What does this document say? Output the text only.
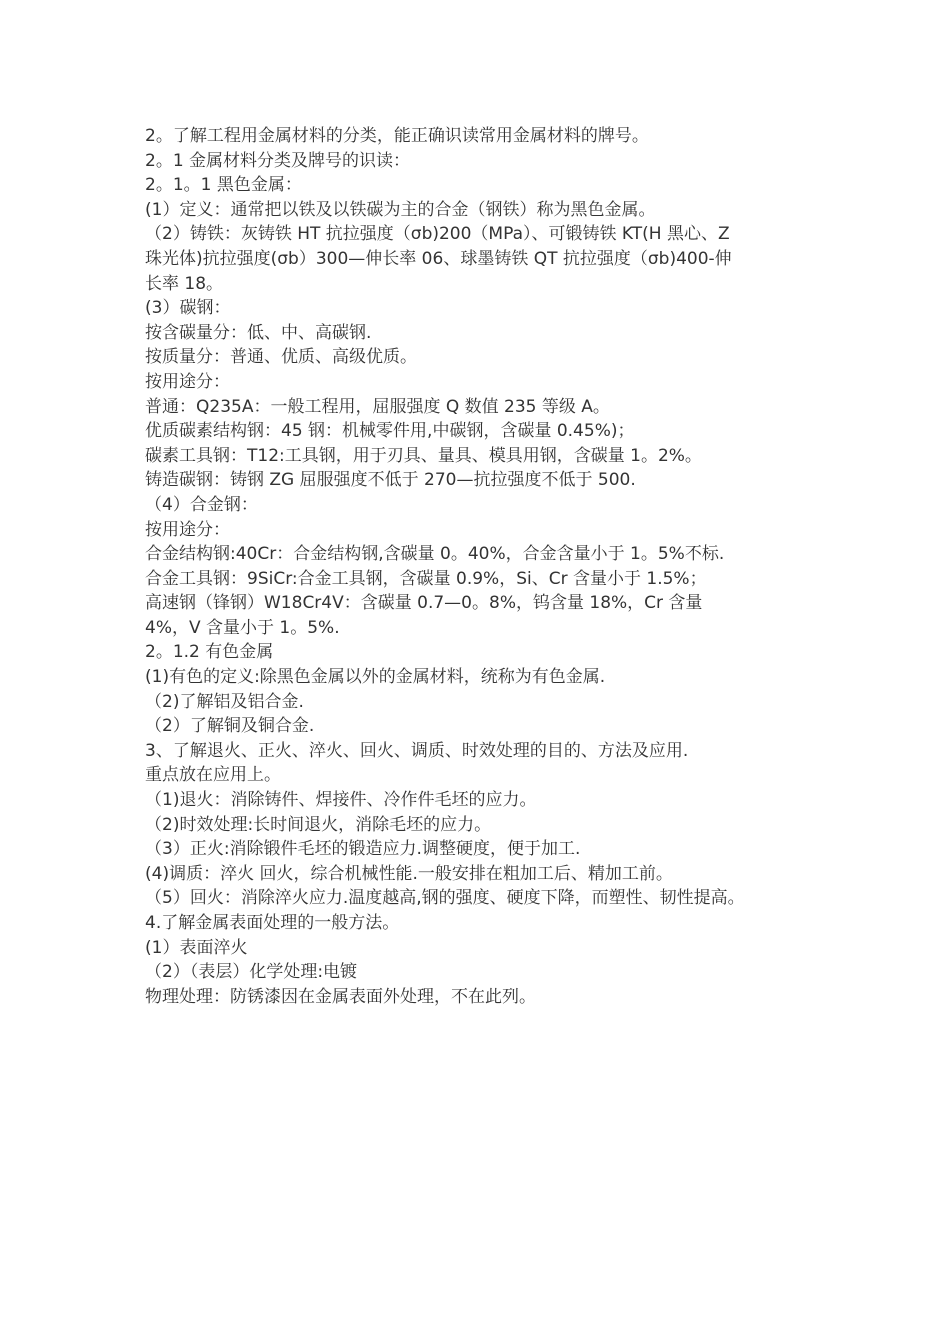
2。了解工程用金属材料的分类，能正确识读常用金属材料的牌号。

2。1 金属材料分类及牌号的识读：

2。1。1 黑色金属：

(1）定义：通常把以铁及以铁碳为主的合金（钢铁）称为黑色金属。

（2）铸铁：灰铸铁 HT 抗拉强度（σb)200（MPa）、可锻铸铁 KT(H 黑心、Z

珠光体)抗拉强度(σb）300—伸长率 06、球墨铸铁 QT 抗拉强度（σb)400-伸

长率 18。

(3）碳钢：

按含碳量分：低、中、高碳钢.

按质量分：普通、优质、高级优质。

按用途分：

普通：Q235A：一般工程用，屈服强度 Q 数值 235 等级 A。

优质碳素结构钢：45 钢：机械零件用,中碳钢，含碳量 0.45%)；

碳素工具钢：T12:工具钢，用于刃具、量具、模具用钢，含碳量 1。2%。

铸造碳钢：铸钢 ZG 屈服强度不低于 270—抗拉强度不低于 500.

（4）合金钢：

按用途分：

合金结构钢:40Cr：合金结构钢,含碳量 0。40%，合金含量小于 1。5%不标.

合金工具钢：9SiCr:合金工具钢，含碳量 0.9%，Si、Cr 含量小于 1.5%；

高速钢（锋钢）W18Cr4V：含碳量 0.7—0。8%，钨含量 18%，Cr 含量

4%，V 含量小于 1。5%.

2。1.2 有色金属

(1)有色的定义:除黑色金属以外的金属材料，统称为有色金属.

（2)了解铝及铝合金.

（2）了解铜及铜合金.

3、了解退火、正火、淬火、回火、调质、时效处理的目的、方法及应用.

重点放在应用上。

（1)退火：消除铸件、焊接件、冷作件毛坯的应力。

（2)时效处理:长时间退火，消除毛坯的应力。

（3）正火:消除锻件毛坯的锻造应力.调整硬度，便于加工.

(4)调质：淬火 回火，综合机械性能.一般安排在粗加工后、精加工前。

（5）回火：消除淬火应力.温度越高,钢的强度、硬度下降，而塑性、韧性提高。

4.了解金属表面处理的一般方法。

(1）表面淬火

（2）（表层）化学处理:电镀

物理处理：防锈漆因在金属表面外处理，不在此列。
